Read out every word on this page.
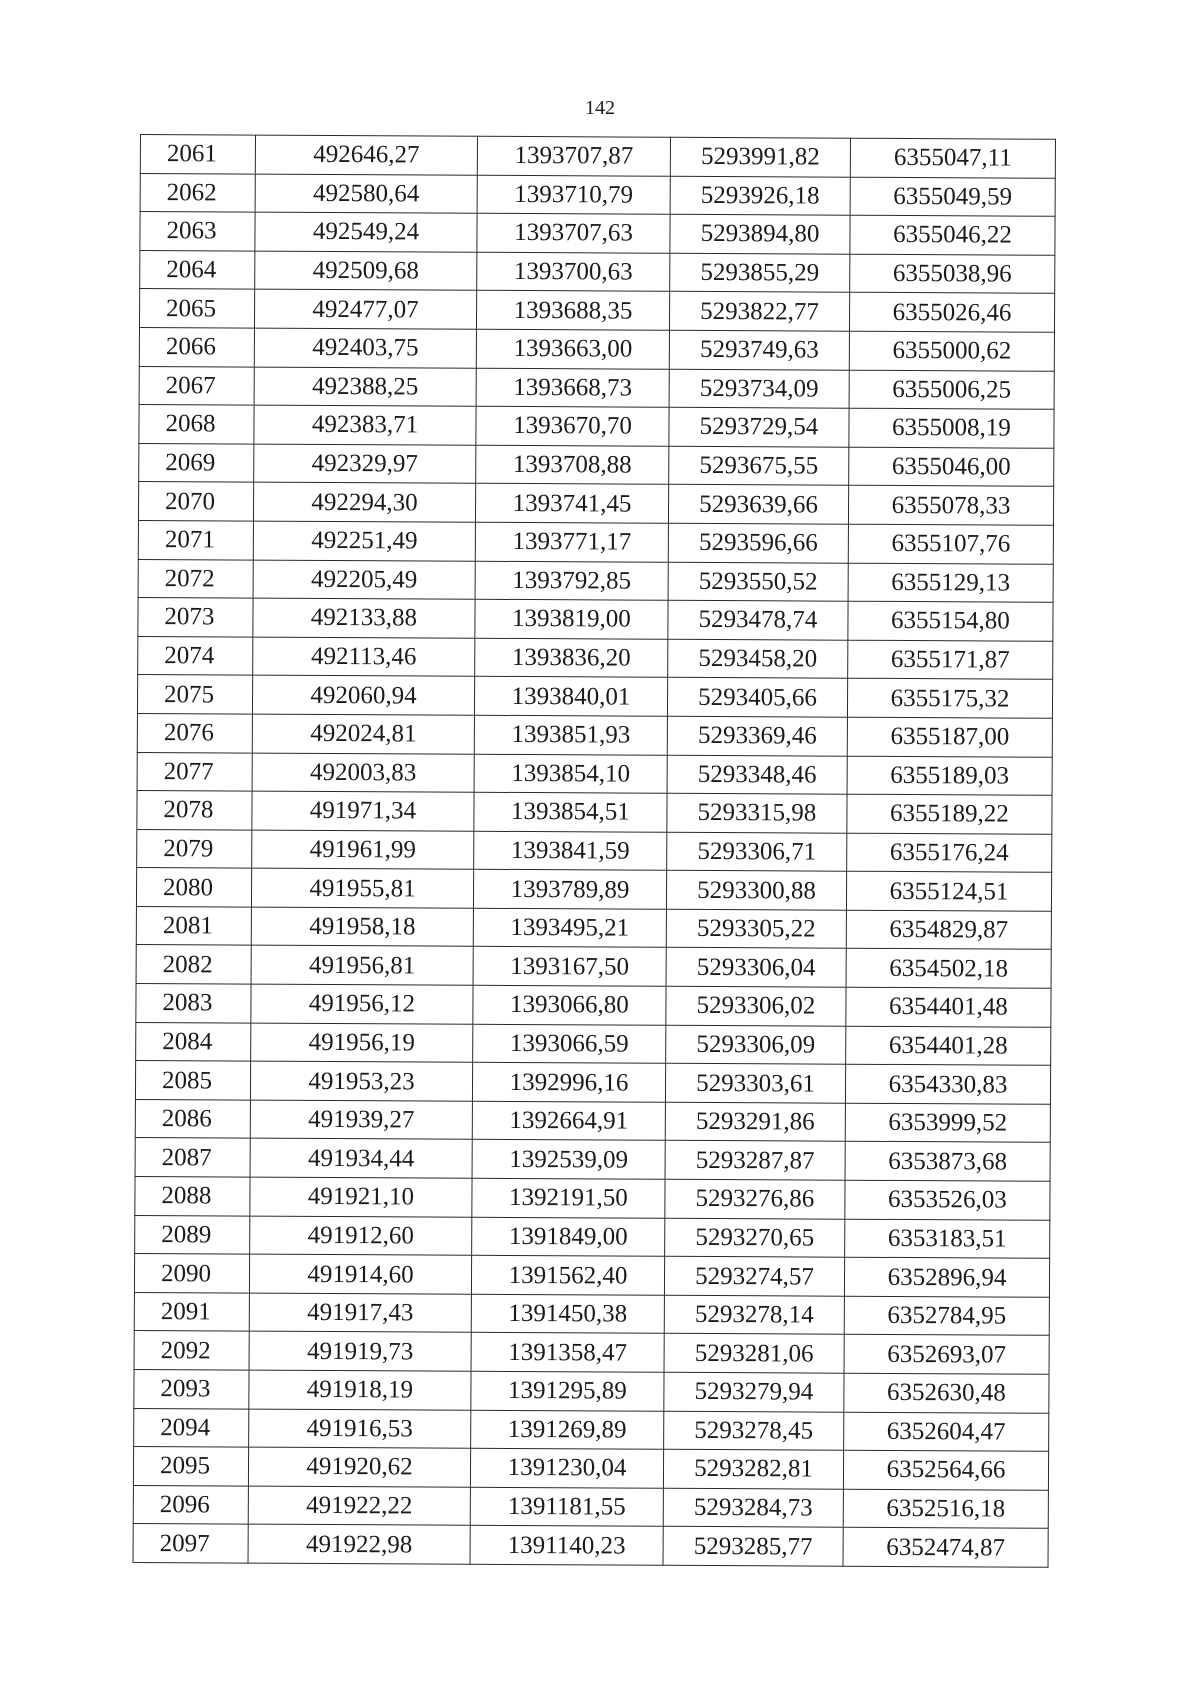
142
2061	492646,27	1393707,87	5293991,82	6355047,11
2062	492580,64	1393710,79	5293926,18	6355049,59
2063	492549,24	1393707,63	5293894,80	6355046,22
2064	492509,68	1393700,63	5293855,29	6355038,96
2065	492477,07	1393688,35	5293822,77	6355026,46
2066	492403,75	1393663,00	5293749,63	6355000,62
2067	492388,25	1393668,73	5293734,09	6355006,25
2068	492383,71	1393670,70	5293729,54	6355008,19
2069	492329,97	1393708,88	5293675,55	6355046,00
2070	492294,30	1393741,45	5293639,66	6355078,33
2071	492251,49	1393771,17	5293596,66	6355107,76
2072	492205,49	1393792,85	5293550,52	6355129,13
2073	492133,88	1393819,00	5293478,74	6355154,80
2074	492113,46	1393836,20	5293458,20	6355171,87
2075	492060,94	1393840,01	5293405,66	6355175,32
2076	492024,81	1393851,93	5293369,46	6355187,00
2077	492003,83	1393854,10	5293348,46	6355189,03
2078	491971,34	1393854,51	5293315,98	6355189,22
2079	491961,99	1393841,59	5293306,71	6355176,24
2080	491955,81	1393789,89	5293300,88	6355124,51
2081	491958,18	1393495,21	5293305,22	6354829,87
2082	491956,81	1393167,50	5293306,04	6354502,18
2083	491956,12	1393066,80	5293306,02	6354401,48
2084	491956,19	1393066,59	5293306,09	6354401,28
2085	491953,23	1392996,16	5293303,61	6354330,83
2086	491939,27	1392664,91	5293291,86	6353999,52
2087	491934,44	1392539,09	5293287,87	6353873,68
2088	491921,10	1392191,50	5293276,86	6353526,03
2089	491912,60	1391849,00	5293270,65	6353183,51
2090	491914,60	1391562,40	5293274,57	6352896,94
2091	491917,43	1391450,38	5293278,14	6352784,95
2092	491919,73	1391358,47	5293281,06	6352693,07
2093	491918,19	1391295,89	5293279,94	6352630,48
2094	491916,53	1391269,89	5293278,45	6352604,47
2095	491920,62	1391230,04	5293282,81	6352564,66
2096	491922,22	1391181,55	5293284,73	6352516,18
2097	491922,98	1391140,23	5293285,77	6352474,87
